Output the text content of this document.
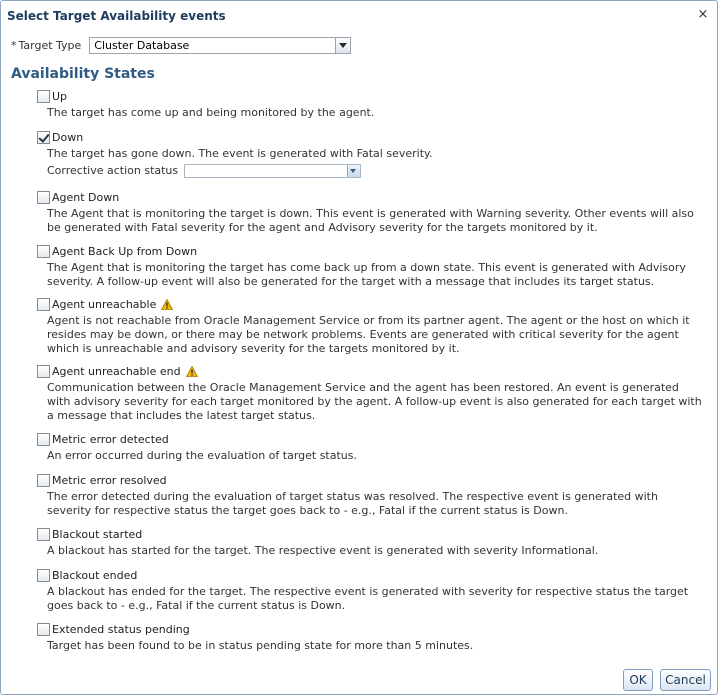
Select Target Availability events	×
* Target Type Cluster Database
Availability States
Up
The target has come up and being monitored by the agent.
Down
The target has gone down. The event is generated with Fatal severity.
Corrective action status
Agent Down
The Agent that is monitoring the target is down. This event is generated with Warning severity. Other events will also be generated with Fatal severity for the agent and Advisory severity for the targets monitored by it.
Agent Back Up from Down
The Agent that is monitoring the target has come back up from a down state. This event is generated with Advisory severity. A follow-up event will also be generated for the target with a message that includes its target status.
Agent unreachable
Agent is not reachable from Oracle Management Service or from its partner agent. The agent or the host on which it resides may be down, or there may be network problems. Events are generated with critical severity for the agent which is unreachable and advisory severity for the targets monitored by it.
Agent unreachable end
Communication between the Oracle Management Service and the agent has been restored. An event is generated with advisory severity for each target monitored by the agent. A follow-up event is also generated for each target with a message that includes the latest target status.
Metric error detected
An error occurred during the evaluation of target status.
Metric error resolved
The error detected during the evaluation of target status was resolved. The respective event is generated with severity for respective status the target goes back to - e.g., Fatal if the current status is Down.
Blackout started
A blackout has started for the target. The respective event is generated with severity Informational.
Blackout ended
A blackout has ended for the target. The respective event is generated with severity for respective status the target goes back to - e.g., Fatal if the current status is Down.
Extended status pending
Target has been found to be in status pending state for more than 5 minutes.
OK	Cancel
